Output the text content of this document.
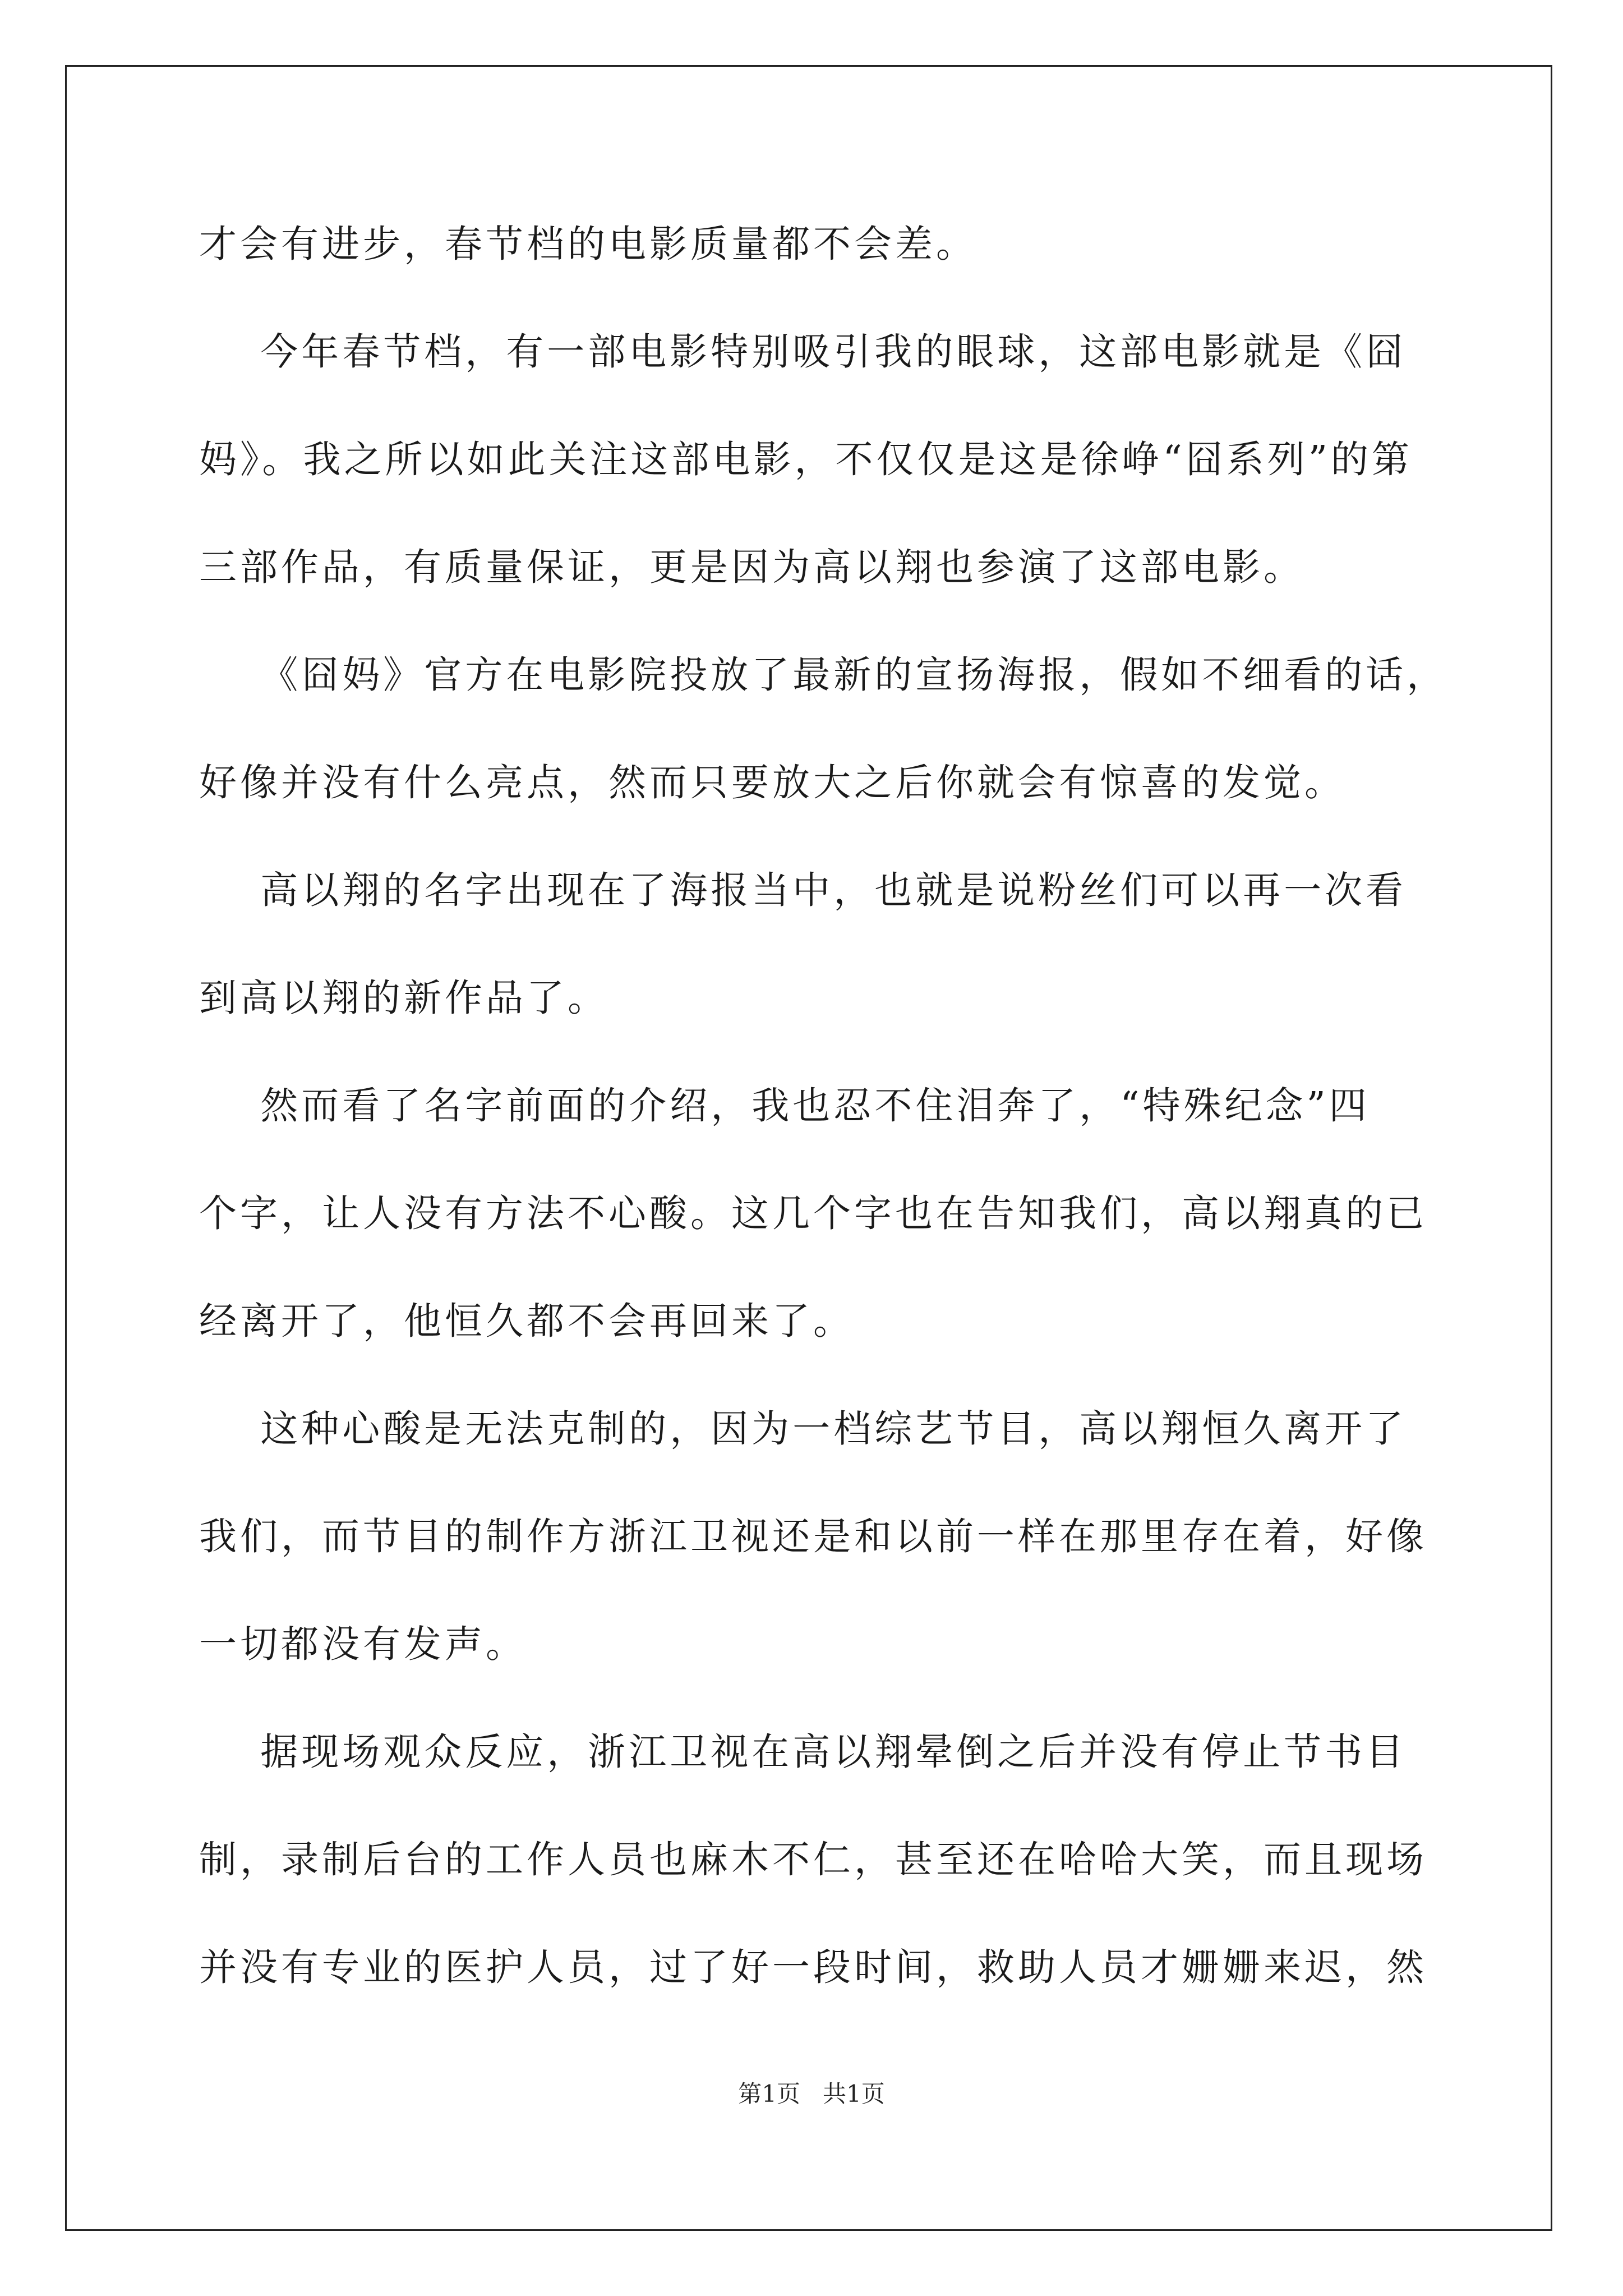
才会有进步，春节档的电影质量都不会差。

今年春节档，有一部电影特别吸引我的眼球，这部电影就是《囧

妈》。我之所以如此关注这部电影，不仅仅是这是徐峥“囧系列”的第

三部作品，有质量保证，更是因为高以翔也参演了这部电影。

《囧妈》官方在电影院投放了最新的宣扬海报，假如不细看的话，

好像并没有什么亮点，然而只要放大之后你就会有惊喜的发觉。

高以翔的名字出现在了海报当中，也就是说粉丝们可以再一次看

到高以翔的新作品了。

然而看了名字前面的介绍，我也忍不住泪奔了，“特殊纪念”四

个字，让人没有方法不心酸。这几个字也在告知我们，高以翔真的已

经离开了，他恒久都不会再回来了。

这种心酸是无法克制的，因为一档综艺节目，高以翔恒久离开了

我们，而节目的制作方浙江卫视还是和以前一样在那里存在着，好像

一切都没有发声。

据现场观众反应，浙江卫视在高以翔晕倒之后并没有停止节书目

制，录制后台的工作人员也麻木不仁，甚至还在哈哈大笑，而且现场

并没有专业的医护人员，过了好一段时间，救助人员才姗姗来迟，然

第1页   共1页
